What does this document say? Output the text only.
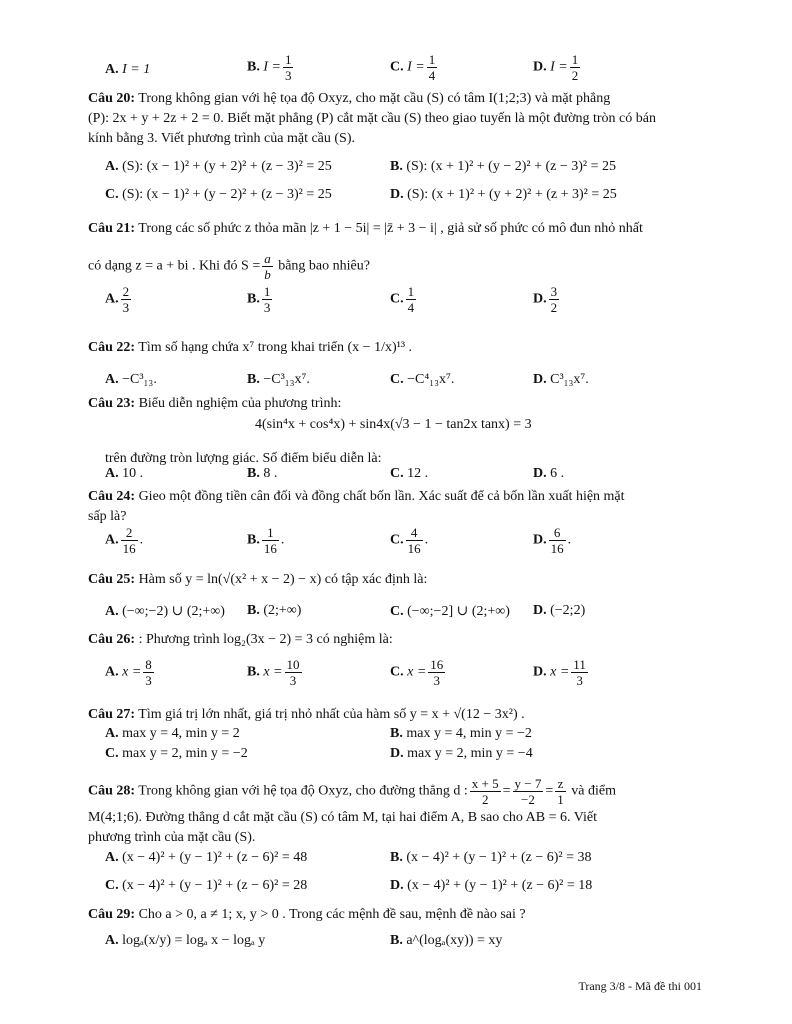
A. I = 1	B. $I = \frac{1}{3}$	C. $I = \frac{1}{4}$	D. $I = \frac{1}{2}$
Câu 20: Trong không gian với hệ tọa độ Oxyz, cho mặt cầu (S) có tâm I(1;2;3) và mặt phẳng
(P): 2x + y + 2z + 2 = 0. Biết mặt phẳng (P) cắt mặt cầu (S) theo giao tuyến là một đường tròn có bán
kính bằng 3. Viết phương trình của mặt cầu (S).
A. (S): (x − 1)² + (y + 2)² + (z − 3)² = 25	B. (S): (x + 1)² + (y − 2)² + (z − 3)² = 25
C. (S): (x − 1)² + (y − 2)² + (z − 3)² = 25	D. (S): (x + 1)² + (y + 2)² + (z + 3)² = 25
Câu 21: Trong các số phức z thỏa mãn |z + 1 − 5i| = |z̄ + 3 − i| , giả sử số phức có mô đun nhỏ nhất
có dạng z = a + bi . Khi đó $S = \frac{a}{b}$ bằng bao nhiêu?
A. $\frac{2}{3}$	B. $\frac{1}{3}$	C. $\frac{1}{4}$	D. $\frac{3}{2}$
Câu 22: Tìm số hạng chứa x⁷ trong khai triển (x − 1/x)¹³ .
A. −C³₁₃.	B. −C³₁₃x⁷.	C. −C⁴₁₃x⁷.	D. C³₁₃x⁷.
Câu 23: Biểu diễn nghiệm của phương trình:
4(sin⁴x + cos⁴x) + sin4x(√3 − 1 − tan2x tanx) = 3
trên đường tròn lượng giác. Số điểm biểu diễn là:
A. 10 .	B. 8 .	C. 12 .	D. 6 .
Câu 24: Gieo một đồng tiền cân đối và đồng chất bốn lần. Xác suất để cả bốn lần xuất hiện mặt
sấp là?
A. $\frac{2}{16}$ .	B. $\frac{1}{16}$ .	C. $\frac{4}{16}$ .	D. $\frac{6}{16}$ .
Câu 25: Hàm số y = ln(√(x² + x − 2) − x) có tập xác định là:
A. (−∞;−2) ∪ (2;+∞) B. (2;+∞)	C. (−∞;−2] ∪ (2;+∞) D. (−2;2)
Câu 26: : Phương trình log₂(3x − 2) = 3 có nghiệm là:
A. $x = \frac{8}{3}$	B. $x = \frac{10}{3}$	C. $x = \frac{16}{3}$	D. $x = \frac{11}{3}$
Câu 27: Tìm giá trị lớn nhất, giá trị nhỏ nhất của hàm số y = x + √(12 − 3x²) .
A. max y = 4, min y = 2	B. max y = 4, min y = −2
C. max y = 2, min y = −2	D. max y = 2, min y = −4
Câu 28: Trong không gian với hệ tọa độ Oxyz, cho đường thẳng d : $\frac{x + 5}{2} = \frac{y - 7}{-2} = \frac{z}{1}$ và điểm
M(4;1;6). Đường thẳng d cắt mặt cầu (S) có tâm M, tại hai điểm A, B sao cho AB = 6. Viết
phương trình của mặt cầu (S).
A. (x − 4)² + (y − 1)² + (z − 6)² = 48	B. (x − 4)² + (y − 1)² + (z − 6)² = 38
C. (x − 4)² + (y − 1)² + (z − 6)² = 28	D. (x − 4)² + (y − 1)² + (z − 6)² = 18
Câu 29: Cho a > 0, a ≠ 1; x, y > 0 . Trong các mệnh đề sau, mệnh đề nào sai ?
A. logₐ(x/y) = logₐ x − logₐ y	B. a^(logₐ(xy)) = xy
Trang 3/8 - Mã đề thi 001
